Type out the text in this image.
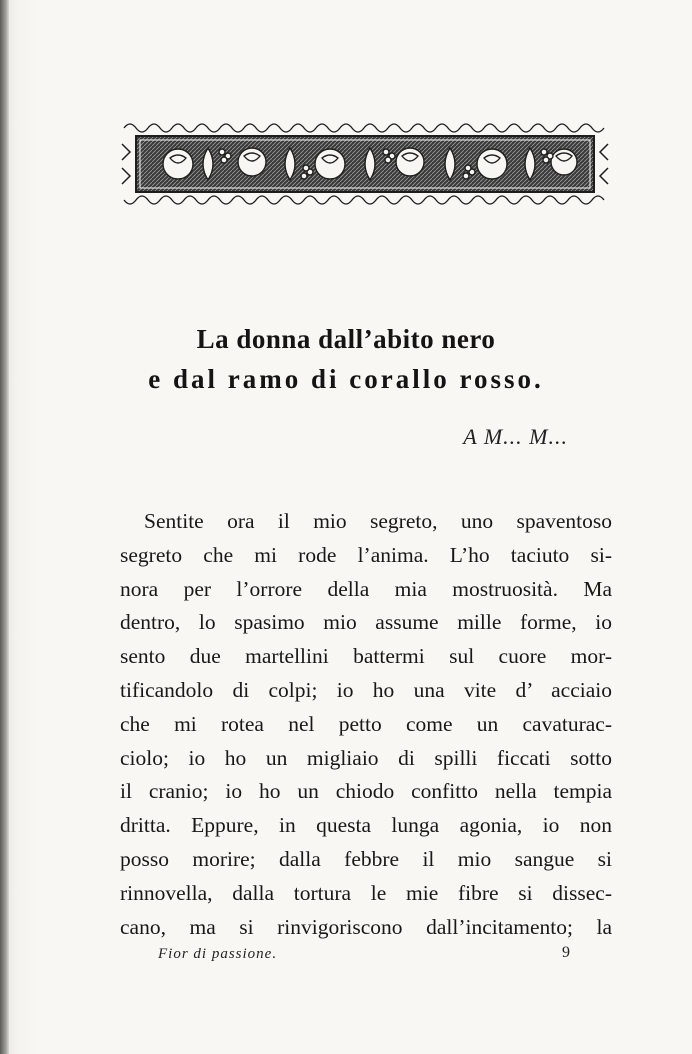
La donna dall’abito nero
e dal ramo di corallo rosso.
A M... M...
Sentite ora il mio segreto, uno spaventoso
segreto che mi rode l’anima. L’ho taciuto si-
nora per l’orrore della mia mostruosità. Ma
dentro, lo spasimo mio assume mille forme, io
sento due martellini battermi sul cuore mor-
tificandolo di colpi; io ho una vite d’ acciaio
che mi rotea nel petto come un cavaturac-
ciolo; io ho un migliaio di spilli ficcati sotto
il cranio; io ho un chiodo confitto nella tempia
dritta. Eppure, in questa lunga agonia, io non
posso morire; dalla febbre il mio sangue si
rinnovella, dalla tortura le mie fibre si dissec-
cano, ma si rinvigoriscono dall’incitamento; la
Fior di passione.	9
